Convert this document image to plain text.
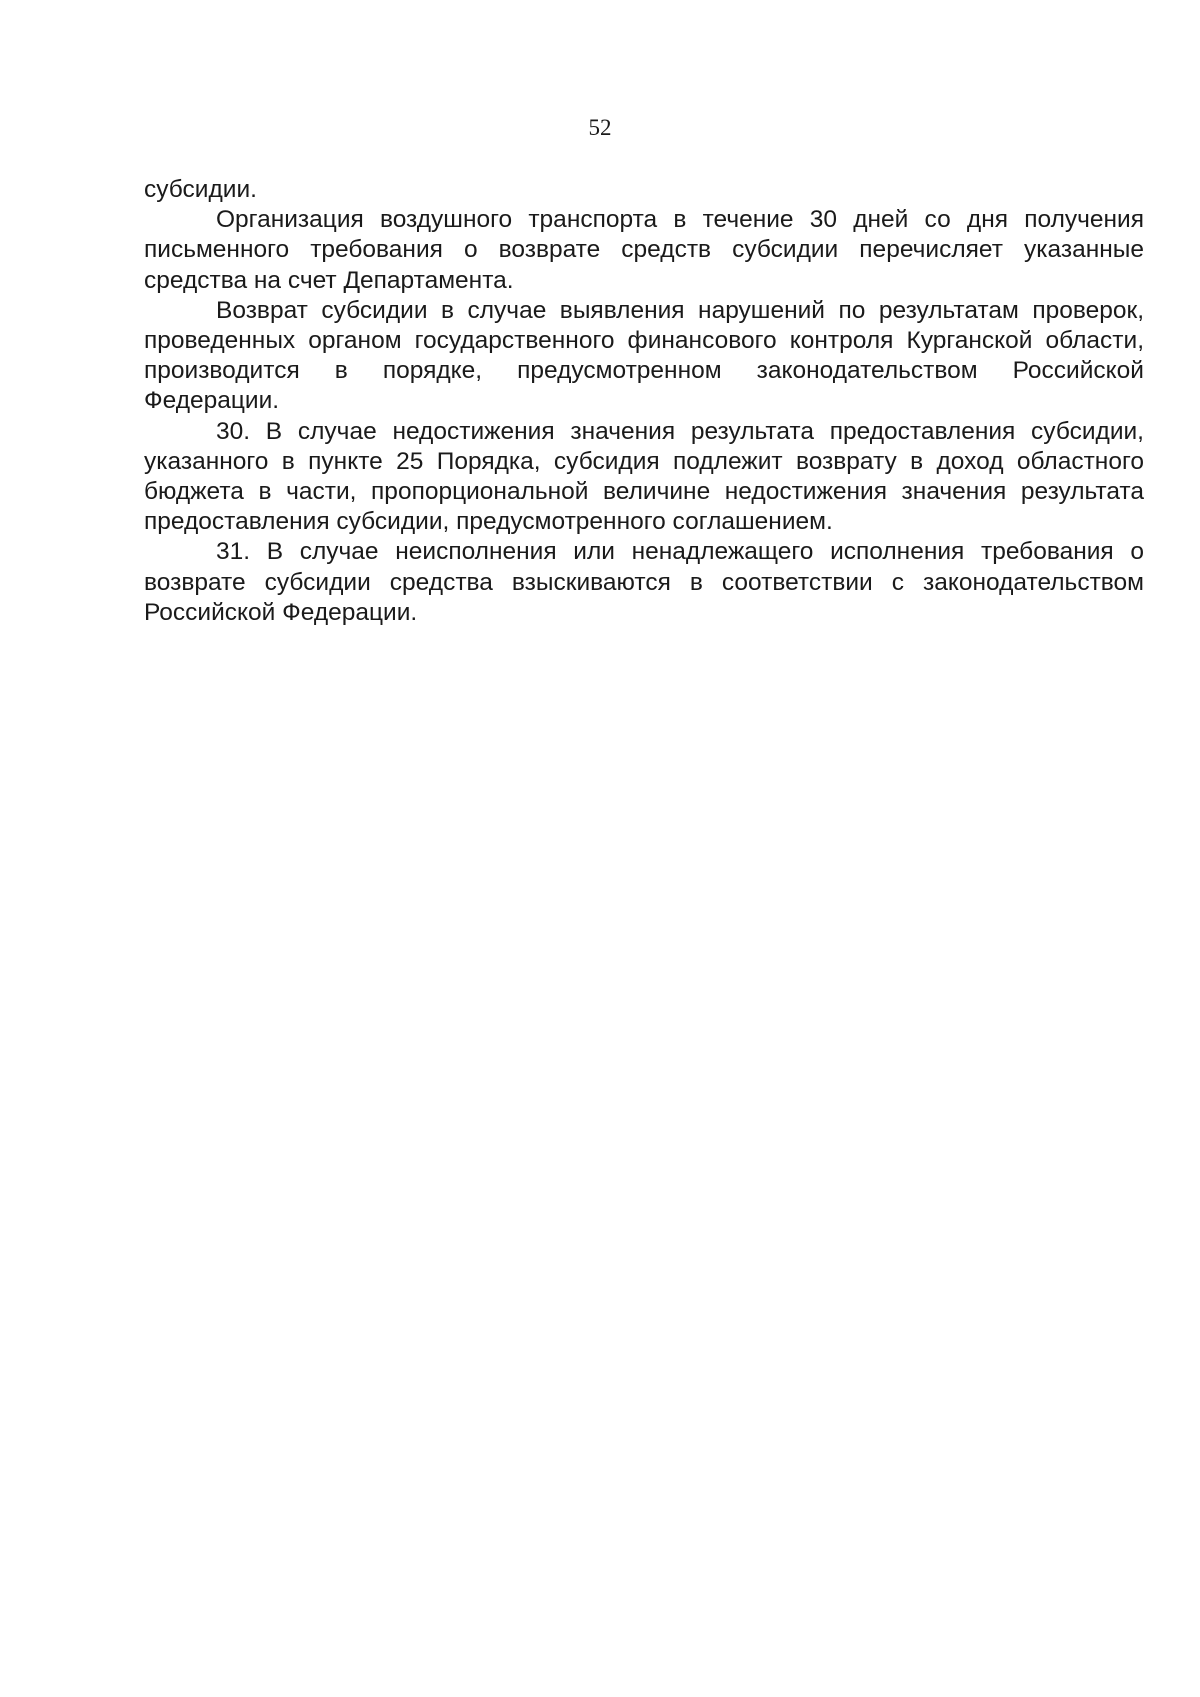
52

субсидии.

Организация воздушного транспорта в течение 30 дней со дня получения письменного требования о возврате средств субсидии перечисляет указанные средства на счет Департамента.

Возврат субсидии в случае выявления нарушений по результатам проверок, проведенных органом государственного финансового контроля Курганской области, производится в порядке, предусмотренном законодательством Российской Федерации.

30. В случае недостижения значения результата предоставления субсидии, указанного в пункте 25 Порядка, субсидия подлежит возврату в доход областного бюджета в части, пропорциональной величине недостижения значения результата предоставления субсидии, предусмотренного соглашением.

31. В случае неисполнения или ненадлежащего исполнения требования о возврате субсидии средства взыскиваются в соответствии с законодательством Российской Федерации.
